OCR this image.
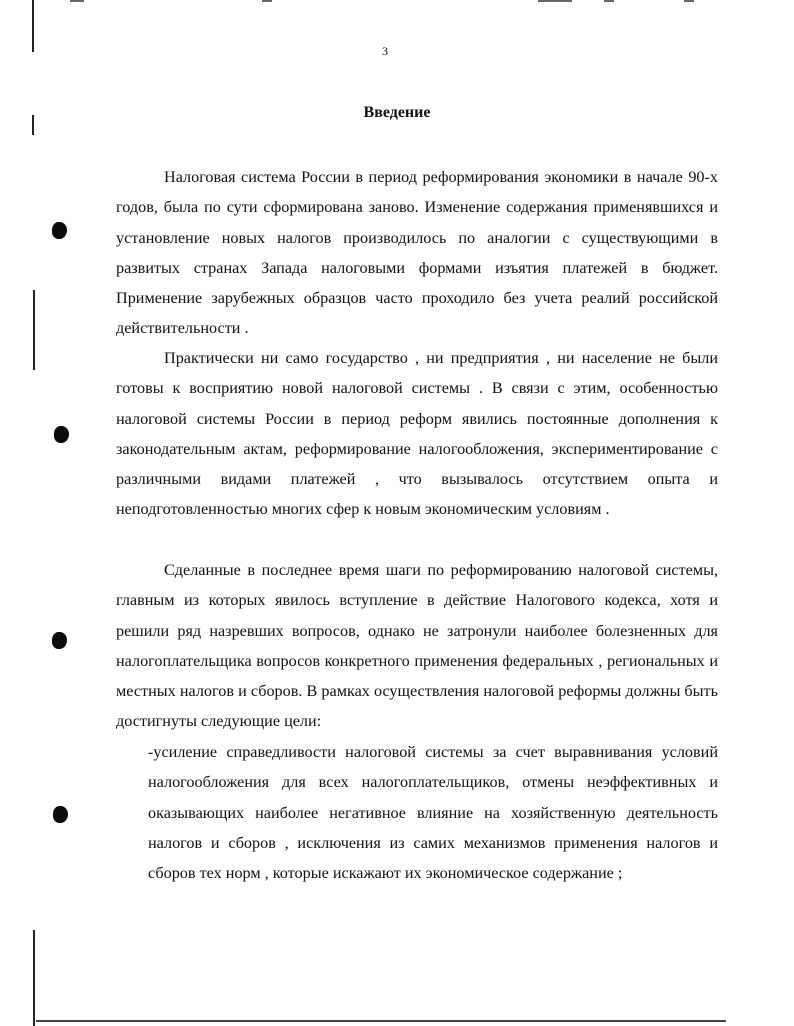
3
Введение

Налоговая система России в период реформирования экономики в начале 90-х годов, была по сути сформирована заново. Изменение содержания применявшихся и установление новых налогов производилось по аналогии с существующими в развитых странах Запада налоговыми формами изъятия платежей в бюджет. Применение зарубежных образцов часто проходило без учета реалий российской действительности .

Практически ни само государство , ни предприятия , ни население не были готовы к восприятию новой налоговой системы . В связи с этим, особенностью налоговой системы России в период реформ явились постоянные дополнения к законодательным актам, реформирование налогообложения, экспериментирование с различными видами платежей , что вызывалось отсутствием опыта и неподготовленностью многих сфер к новым экономическим условиям .

Сделанные в последнее время шаги по реформированию налоговой системы, главным из которых явилось вступление в действие Налогового кодекса, хотя и решили ряд назревших вопросов, однако не затронули наиболее болезненных для налогоплательщика вопросов конкретного применения федеральных , региональных и местных налогов и сборов. В рамках осуществления налоговой реформы должны быть достигнуты следующие цели:

-усиление справедливости налоговой системы за счет выравнивания условий налогообложения для всех налогоплательщиков, отмены неэффективных и оказывающих наиболее негативное влияние на хозяйственную деятельность налогов и сборов , исключения из самих механизмов применения налогов и сборов тех норм , которые искажают их экономическое содержание ;
